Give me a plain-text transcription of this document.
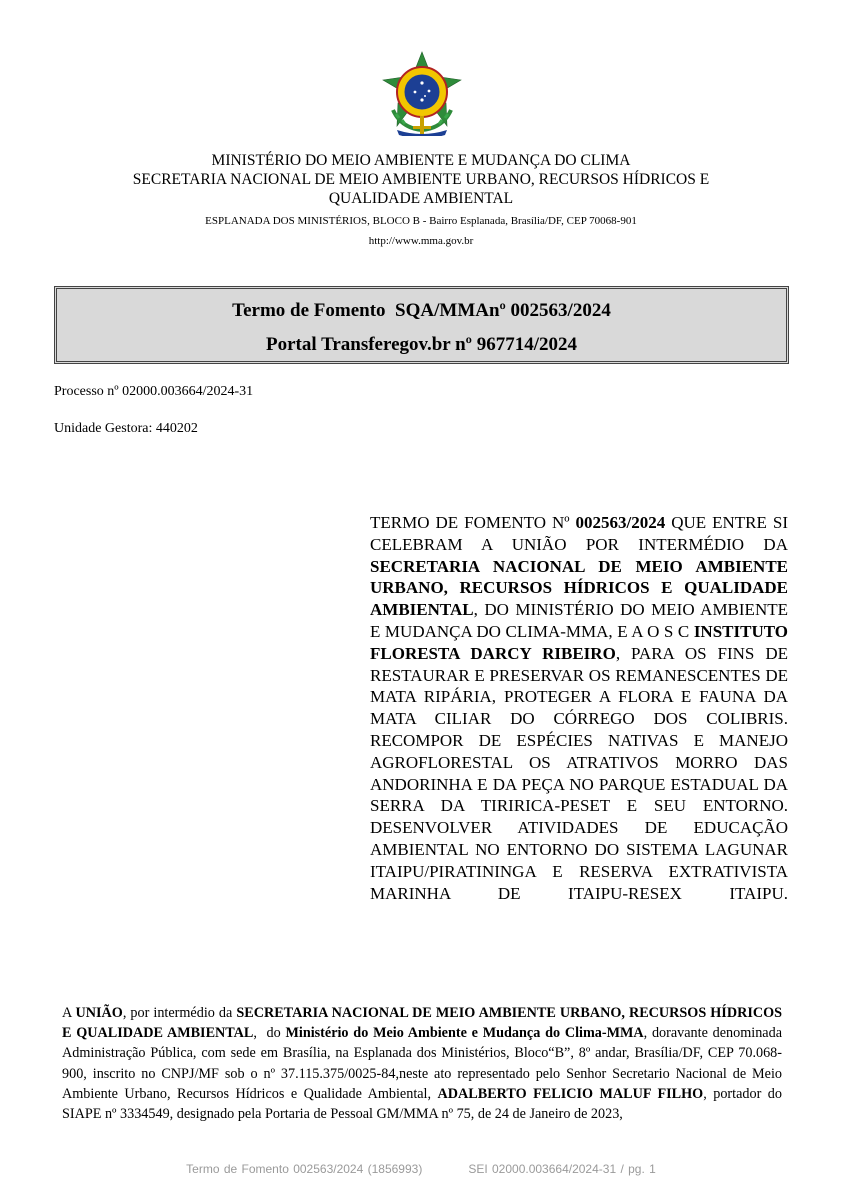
MINISTÉRIO DO MEIO AMBIENTE E MUDANÇA DO CLIMA
SECRETARIA NACIONAL DE MEIO AMBIENTE URBANO, RECURSOS HÍDRICOS E
QUALIDADE AMBIENTAL
ESPLANADA DOS MINISTÉRIOS, BLOCO B - Bairro Esplanada, Brasília/DF, CEP 70068-901
http://www.mma.gov.br
Termo de Fomento  SQA/MMAnº 002563/2024
Portal Transferegov.br nº 967714/2024
Processo nº 02000.003664/2024-31
Unidade Gestora: 440202
TERMO DE FOMENTO Nº 002563/2024 QUE ENTRE SI CELEBRAM A UNIÃO POR INTERMÉDIO DA SECRETARIA NACIONAL DE MEIO AMBIENTE URBANO, RECURSOS HÍDRICOS E QUALIDADE AMBIENTAL, DO MINISTÉRIO DO MEIO AMBIENTE E MUDANÇA DO CLIMA-MMA, E A O S C INSTITUTO FLORESTA DARCY RIBEIRO, PARA OS FINS DE RESTAURAR E PRESERVAR OS REMANESCENTES DE MATA RIPÁRIA, PROTEGER A FLORA E FAUNA DA MATA CILIAR DO CÓRREGO DOS COLIBRIS. RECOMPOR DE ESPÉCIES NATIVAS E MANEJO AGROFLORESTAL OS ATRATIVOS MORRO DAS ANDORINHA E DA PEÇA NO PARQUE ESTADUAL DA SERRA DA TIRIRICA-PESET E SEU ENTORNO. DESENVOLVER ATIVIDADES DE EDUCAÇÃO AMBIENTAL NO ENTORNO DO SISTEMA LAGUNAR ITAIPU/PIRATININGA E RESERVA EXTRATIVISTA MARINHA DE ITAIPU-RESEX ITAIPU.
A UNIÃO, por intermédio da SECRETARIA NACIONAL DE MEIO AMBIENTE URBANO, RECURSOS HÍDRICOS E QUALIDADE AMBIENTAL,  do Ministério do Meio Ambiente e Mudança do Clima-MMA, doravante denominada Administração Pública, com sede em Brasília, na Esplanada dos Ministérios, Bloco“B”, 8º andar, Brasília/DF, CEP 70.068-900, inscrito no CNPJ/MF sob o nº 37.115.375/0025-84,neste ato representado pelo Senhor Secretario Nacional de Meio Ambiente Urbano, Recursos Hídricos e Qualidade Ambiental, ADALBERTO FELICIO MALUF FILHO, portador do SIAPE nº 3334549, designado pela Portaria de Pessoal GM/MMA nº 75, de 24 de Janeiro de 2023,
Termo de Fomento 002563/2024 (1856993)	SEI 02000.003664/2024-31 / pg. 1
